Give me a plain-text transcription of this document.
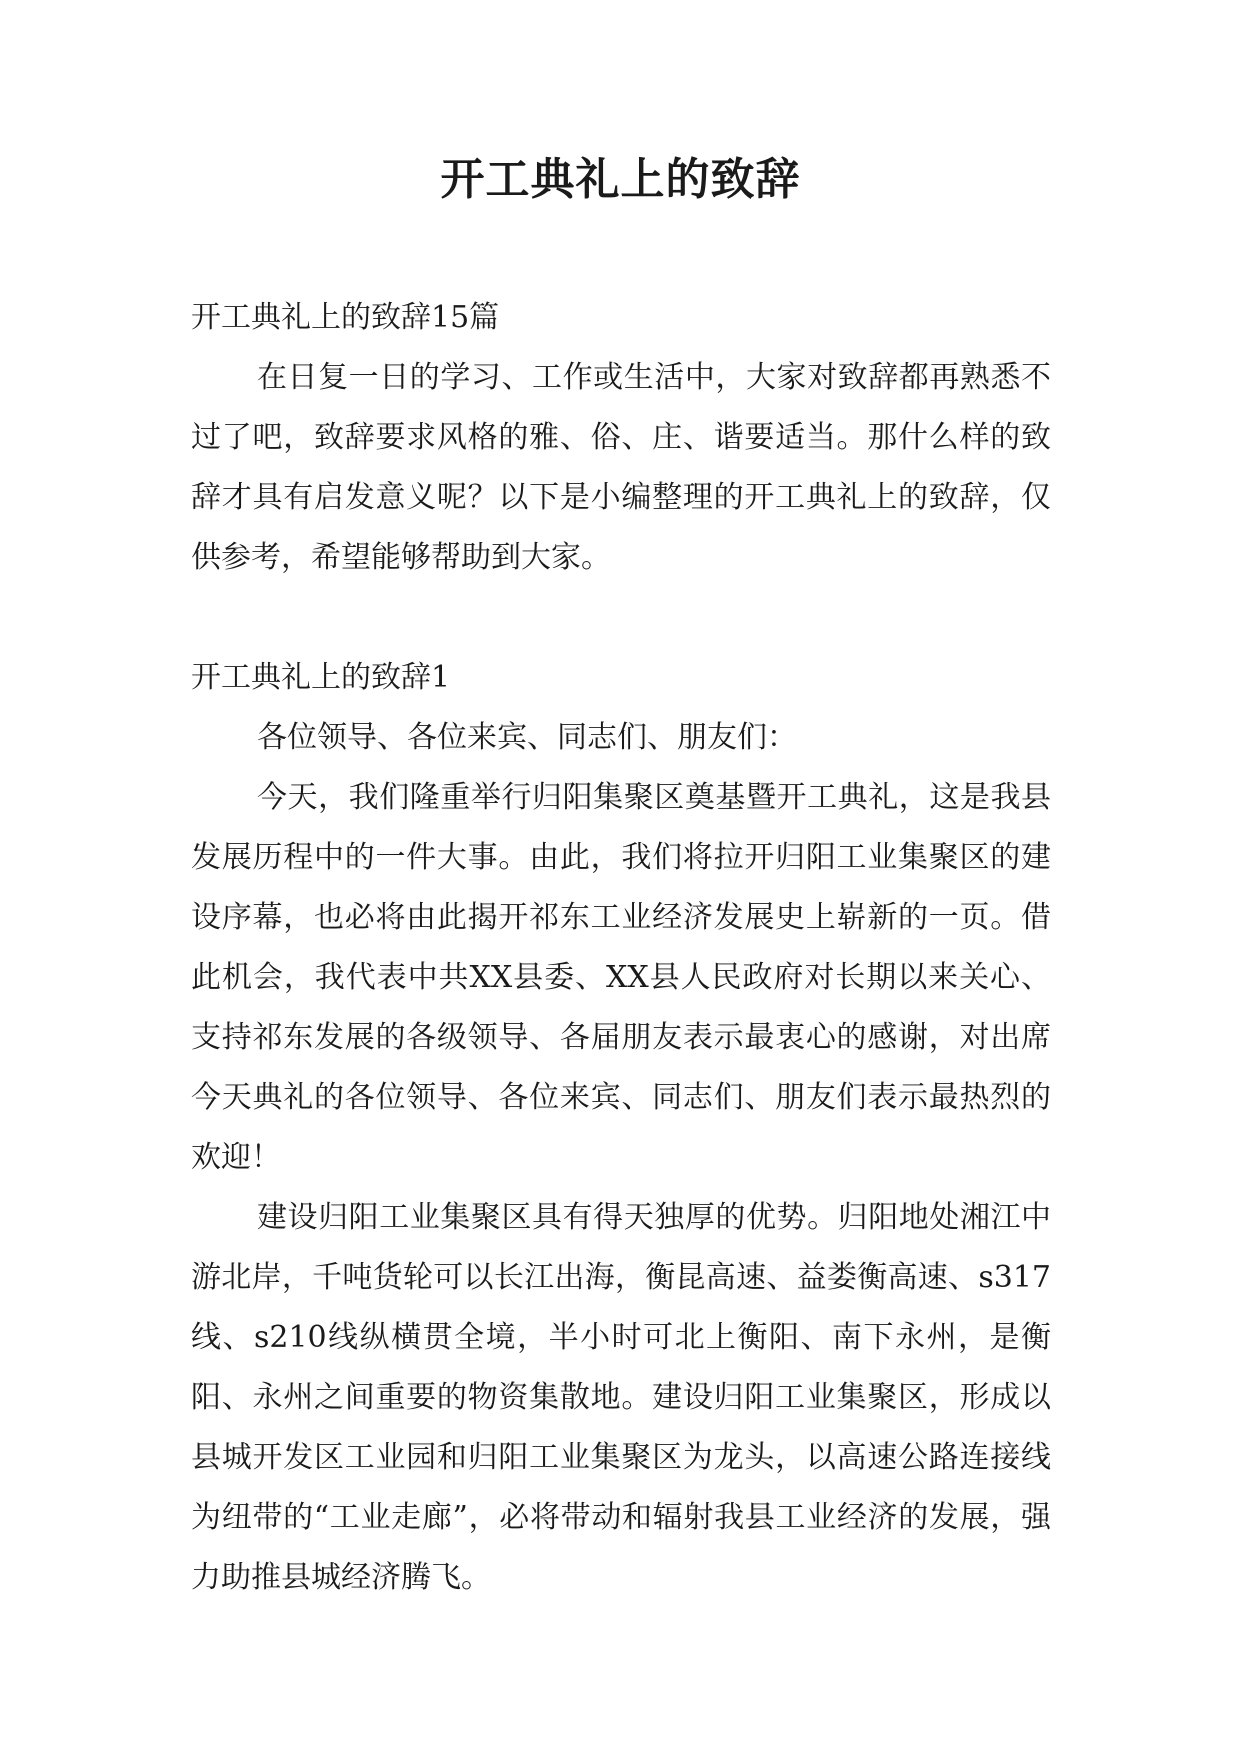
开工典礼上的致辞

开工典礼上的致辞15篇

在日复一日的学习、工作或生活中，大家对致辞都再熟悉不过了吧，致辞要求风格的雅、俗、庄、谐要适当。那什么样的致辞才具有启发意义呢？以下是小编整理的开工典礼上的致辞，仅供参考，希望能够帮助到大家。

开工典礼上的致辞1

各位领导、各位来宾、同志们、朋友们：

今天，我们隆重举行归阳集聚区奠基暨开工典礼，这是我县发展历程中的一件大事。由此，我们将拉开归阳工业集聚区的建设序幕，也必将由此揭开祁东工业经济发展史上崭新的一页。借此机会，我代表中共XX县委、XX县人民政府对长期以来关心、支持祁东发展的各级领导、各届朋友表示最衷心的感谢，对出席今天典礼的各位领导、各位来宾、同志们、朋友们表示最热烈的欢迎！

建设归阳工业集聚区具有得天独厚的优势。归阳地处湘江中游北岸，千吨货轮可以长江出海，衡昆高速、益娄衡高速、s317线、s210线纵横贯全境，半小时可北上衡阳、南下永州，是衡阳、永州之间重要的物资集散地。建设归阳工业集聚区，形成以县城开发区工业园和归阳工业集聚区为龙头，以高速公路连接线为纽带的“工业走廊”，必将带动和辐射我县工业经济的发展，强力助推县城经济腾飞。
